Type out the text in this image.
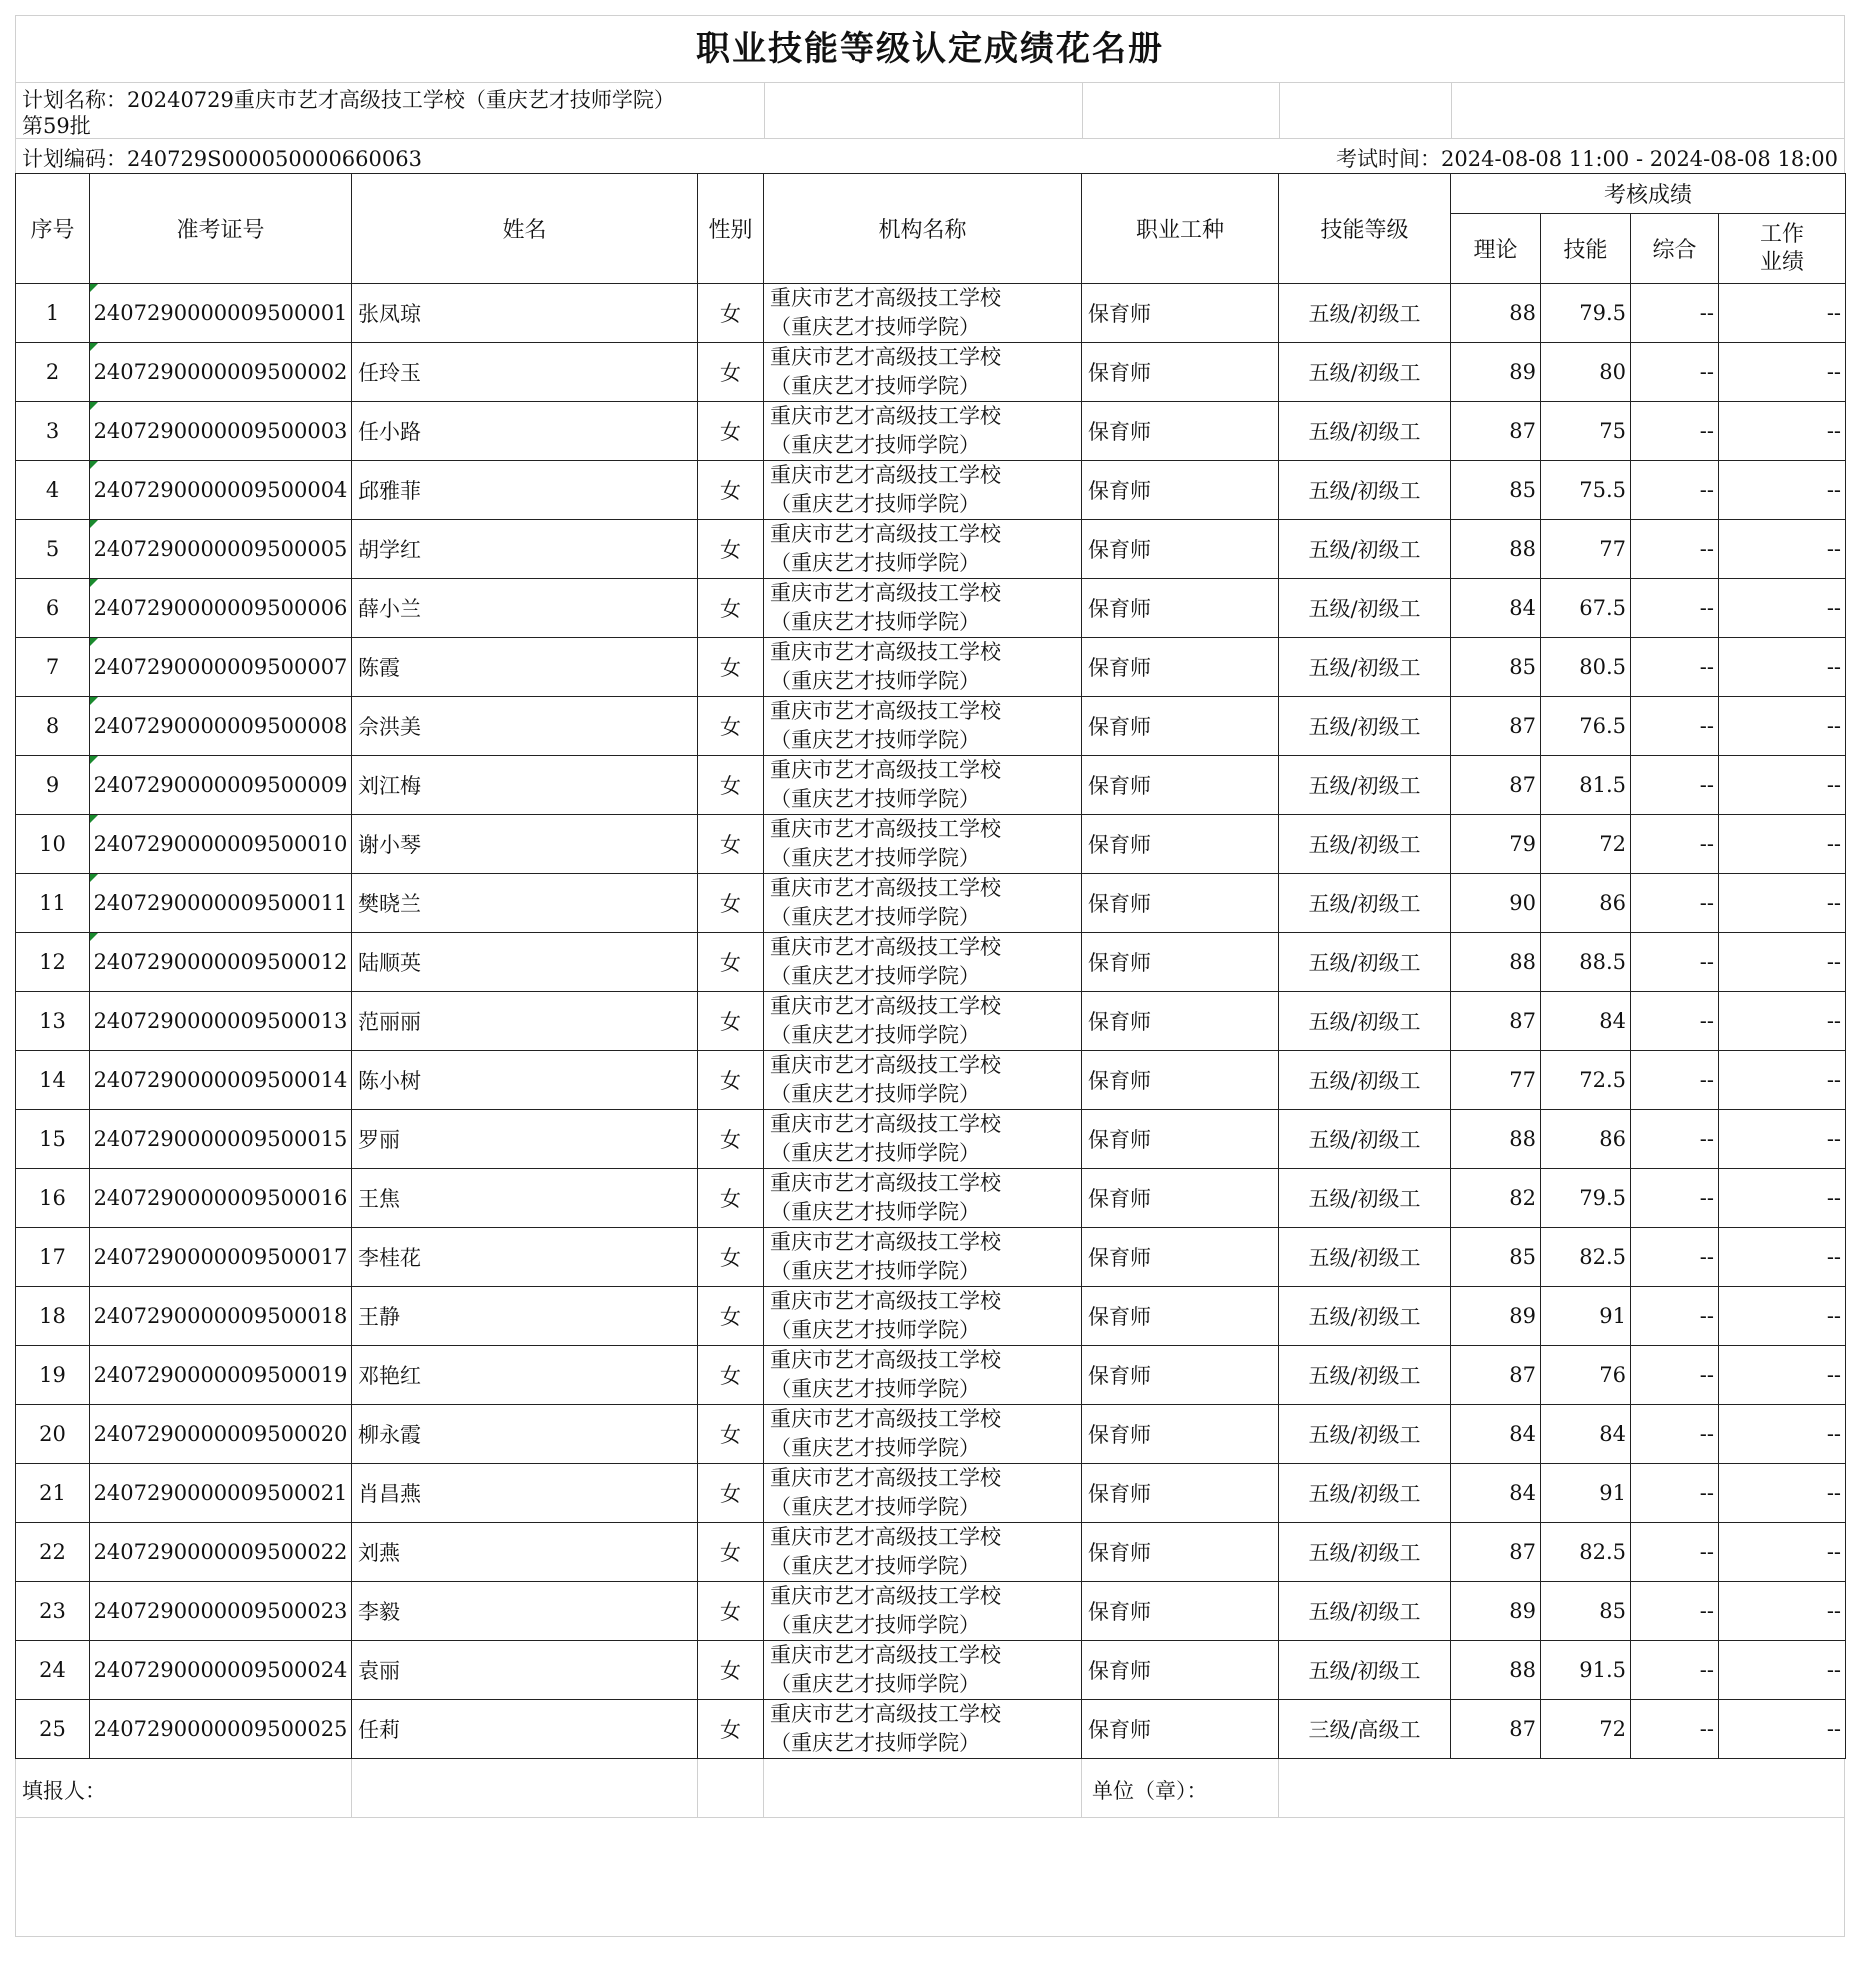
职业技能等级认定成绩花名册
计划名称：20240729重庆市艺才高级技工学校（重庆艺才技师学院）
第59批
计划编码：240729S000050000660063	考试时间：2024-08-08 11:00 - 2024-08-08 18:00
序号	准考证号	姓名	性别	机构名称	职业工种	技能等级	考核成绩			
							理论	技能	综合	工作
业绩

1	2407290000009500001	张凤琼	女	重庆市艺才高级技工学校
（重庆艺才技师学院）	保育师	五级/初级工	88	79.5	--	--
2	2407290000009500002	任玲玉	女	重庆市艺才高级技工学校
（重庆艺才技师学院）	保育师	五级/初级工	89	80	--	--
3	2407290000009500003	任小路	女	重庆市艺才高级技工学校
（重庆艺才技师学院）	保育师	五级/初级工	87	75	--	--
4	2407290000009500004	邱雅菲	女	重庆市艺才高级技工学校
（重庆艺才技师学院）	保育师	五级/初级工	85	75.5	--	--
5	2407290000009500005	胡学红	女	重庆市艺才高级技工学校
（重庆艺才技师学院）	保育师	五级/初级工	88	77	--	--
6	2407290000009500006	薛小兰	女	重庆市艺才高级技工学校
（重庆艺才技师学院）	保育师	五级/初级工	84	67.5	--	--
7	2407290000009500007	陈霞	女	重庆市艺才高级技工学校
（重庆艺才技师学院）	保育师	五级/初级工	85	80.5	--	--
8	2407290000009500008	佘洪美	女	重庆市艺才高级技工学校
（重庆艺才技师学院）	保育师	五级/初级工	87	76.5	--	--
9	2407290000009500009	刘江梅	女	重庆市艺才高级技工学校
（重庆艺才技师学院）	保育师	五级/初级工	87	81.5	--	--
10	2407290000009500010	谢小琴	女	重庆市艺才高级技工学校
（重庆艺才技师学院）	保育师	五级/初级工	79	72	--	--
11	2407290000009500011	樊晓兰	女	重庆市艺才高级技工学校
（重庆艺才技师学院）	保育师	五级/初级工	90	86	--	--
12	2407290000009500012	陆顺英	女	重庆市艺才高级技工学校
（重庆艺才技师学院）	保育师	五级/初级工	88	88.5	--	--
13	2407290000009500013	范丽丽	女	重庆市艺才高级技工学校
（重庆艺才技师学院）	保育师	五级/初级工	87	84	--	--
14	2407290000009500014	陈小树	女	重庆市艺才高级技工学校
（重庆艺才技师学院）	保育师	五级/初级工	77	72.5	--	--
15	2407290000009500015	罗丽	女	重庆市艺才高级技工学校
（重庆艺才技师学院）	保育师	五级/初级工	88	86	--	--
16	2407290000009500016	王焦	女	重庆市艺才高级技工学校
（重庆艺才技师学院）	保育师	五级/初级工	82	79.5	--	--
17	2407290000009500017	李桂花	女	重庆市艺才高级技工学校
（重庆艺才技师学院）	保育师	五级/初级工	85	82.5	--	--
18	2407290000009500018	王静	女	重庆市艺才高级技工学校
（重庆艺才技师学院）	保育师	五级/初级工	89	91	--	--
19	2407290000009500019	邓艳红	女	重庆市艺才高级技工学校
（重庆艺才技师学院）	保育师	五级/初级工	87	76	--	--
20	2407290000009500020	柳永霞	女	重庆市艺才高级技工学校
（重庆艺才技师学院）	保育师	五级/初级工	84	84	--	--
21	2407290000009500021	肖昌燕	女	重庆市艺才高级技工学校
（重庆艺才技师学院）	保育师	五级/初级工	84	91	--	--
22	2407290000009500022	刘燕	女	重庆市艺才高级技工学校
（重庆艺才技师学院）	保育师	五级/初级工	87	82.5	--	--
23	2407290000009500023	李毅	女	重庆市艺才高级技工学校
（重庆艺才技师学院）	保育师	五级/初级工	89	85	--	--
24	2407290000009500024	袁丽	女	重庆市艺才高级技工学校
（重庆艺才技师学院）	保育师	五级/初级工	88	91.5	--	--
25	2407290000009500025	任莉	女	重庆市艺才高级技工学校
（重庆艺才技师学院）	保育师	三级/高级工	87	72	--	--
填报人：	单位（章）：
